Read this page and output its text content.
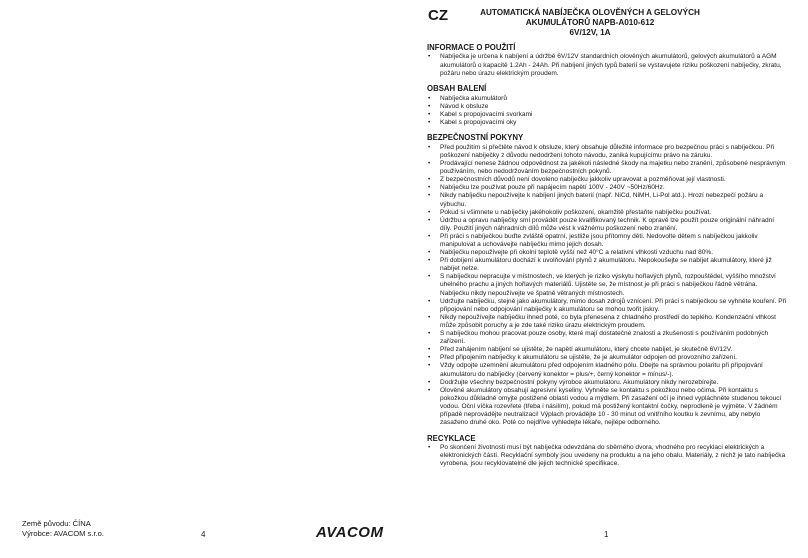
Země původu: ČÍNA
Výrobce: AVACOM s.r.o.	4	AVACOM
CZ	AUTOMATICKÁ NABÍJEČKA OLOVĚNÝCH A GELOVÝCH
AKUMULÁTORŮ NAPB-A010-612
6V/12V, 1A
INFORMACE O POUŽITÍ
• Nabíječka je určena k nabíjení a údržbě 6V/12V standardních olověných akumulátorů, gelových akumulátorů a AGM akumulátorů o kapacitě 1.2Ah - 24Ah. Při nabíjení jiných typů baterií se vystavujete riziku poškození nabíječky, zkratu, požáru nebo úrazu elektrickým proudem.
OBSAH BALENÍ
• Nabíječka akumulátorů
• Návod k obsluze
• Kabel s propojovacími svorkami
• Kabel s propojovacími oky
BEZPEČNOSTNÍ POKYNY
• Před použitím si přečtěte návod k obsluze, který obsahuje důležité informace pro bezpečnou práci s nabíječkou. Při poškození nabíječky z důvodu nedodržení tohoto návodu, zaniká kupujícímu právo na záruku.
• Prodávající nenese žádnou odpovědnost za jakékoli následné škody na majetku nebo zranění, způsobené nesprávným používáním, nebo nedodržováním bezpečnostních pokynů.
• Z bezpečnostních důvodů není dovoleno nabíječku jakkoliv upravovat a pozměňovat její vlastnosti.
• Nabíječku lze používat pouze při napájecím napětí 100V - 240V ~50Hz/60Hz.
• Nikdy nabíječku nepoužívejte k nabíjení jiných baterií (např. NiCd, NiMH, Li-Pol atd.). Hrozí nebezpečí požáru a výbuchu.
• Pokud si všimnete u nabíječky jakéhokoliv poškození, okamžitě přestaňte nabíječku používat.
• Údržbu a opravu nabíječky smí provádět pouze kvalifikovaný technik. K opravě lze použít pouze originální náhradní díly. Použití jiných náhradních dílů může vést k vážnému poškození nebo zranění.
• Při práci s nabíječkou buďte zvláště opatrní, jestliže jsou přítomny děti. Nedovolte dětem s nabíječkou jakkoliv manipulovat a uchovávejte nabíječku mimo jejich dosah.
• Nabíječku nepoužívejte při okolní teplotě vyšší než 40°C a relativní vlhkosti vzduchu nad 80%.
• Při dobíjení akumulátoru dochází k uvolňování plynů z akumulátoru. Nepokoušejte se nabíjet akumulátory, které již nabíjet nelze.
• S nabíječkou nepracujte v místnostech, ve kterých je riziko výskytu hořlavých plynů, rozpouštědel, vyššího množství uhelného prachu a jiných hořlavých materiálů. Ujistěte se, že místnost je při práci s nabíječkou řádně větrána. Nabíječku nikdy nepoužívejte ve špatně větraných místnostech.
• Udržujte nabíječku, stejně jako akumulátory, mimo dosah zdrojů vznícení. Při práci s nabíječkou se vyhněte kouření. Při připojování nebo odpojování nabíječky k akumulátoru se mohou tvořit jiskry.
• Nikdy nepoužívejte nabíječku ihned poté, co byla přenesena z chladného prostředí do teplého. Kondenzační vlhkost může způsobit poruchy a je zde také riziko úrazu elektrickým proudem.
• S nabíječkou mohou pracovat pouze osoby, které mají dostatečné znalosti a zkušenosti s používáním podobných zařízení.
• Před zahájením nabíjení se ujistěte, že napětí akumulátoru, který chcete nabíjet, je skutečně 6V/12V.
• Před připojením nabíječky k akumulátoru se ujistěte, že je akumulátor odpojen od provozního zařízení.
• Vždy odpojte uzemnění akumulátoru před odpojením kladného pólu. Dbejte na správnou polaritu při připojování akumulátoru do nabíječky (červený konektor = plus/+, černý konektor = mínus/-).
• Dodržujte všechny bezpečnostní pokyny výrobce akumulátoru. Akumulátory nikdy nerozebírejte.
• Olověné akumulátory obsahují agresivní kyseliny. Vyhněte se kontaktu s pokožkou nebo očima. Při kontaktu s pokožkou důkladně omyjte postižené oblasti vodou a mýdlem. Při zasažení očí je ihned vypláchněte studenou tekoucí vodou. Oční víčka rozevřete (třeba i násilím), pokud má postižený kontaktní čočky, neprodleně je vyjměte. V žádném případě neprovádějte neutralizaci! Výplach provádějte 10 - 30 minut od vnitřního koutku k zevnímu, aby nebylo zasaženo druhé oko. Poté co nejdříve vyhledejte lékaře, nejlépe odborného.
RECYKLACE
• Po skončení životnosti musí být nabíječka odevzdána do sběrného dvora, vhodného pro recyklaci elektrických a elektronických částí. Recyklační symboly jsou uvedeny na produktu a na jeho obalu. Materiály, z nichž je tato nabíječka vyrobena, jsou recyklovatelné dle jejich technické specifikace.
1
